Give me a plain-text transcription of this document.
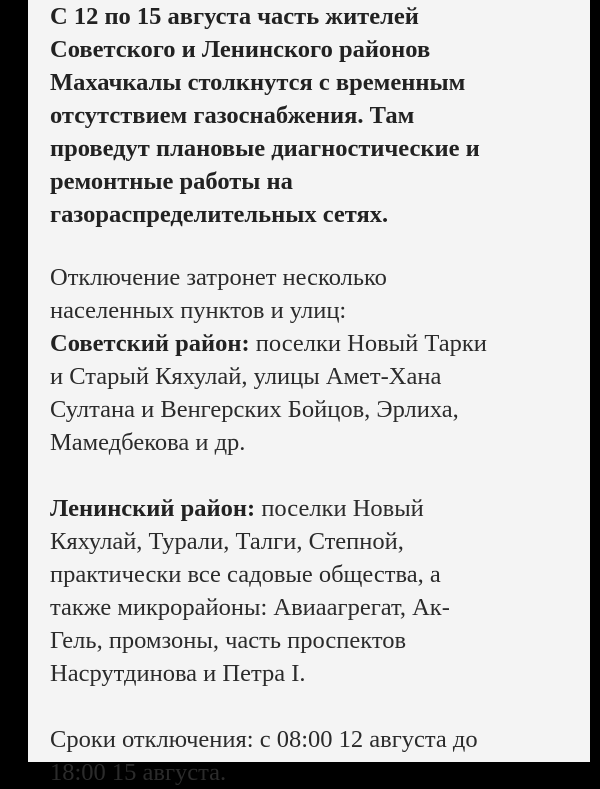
С 12 по 15 августа часть жителей
Советского и Ленинского районов
Махачкалы столкнутся с временным
отсутствием газоснабжения. Там
проведут плановые диагностические и
ремонтные работы на
газораспределительных сетях.

Отключение затронет несколько
населенных пунктов и улиц:
Советский район: поселки Новый Тарки
и Старый Кяхулай, улицы Амет-Хана
Султана и Венгерских Бойцов, Эрлиха,
Мамедбекова и др.

Ленинский район: поселки Новый
Кяхулай, Турали, Талги, Степной,
практически все садовые общества, а
также микрорайоны: Авиаагрегат, Ак-
Гель, промзоны, часть проспектов
Насрутдинова и Петра I.

Сроки отключения: с 08:00 12 августа до
18:00 15 августа.
